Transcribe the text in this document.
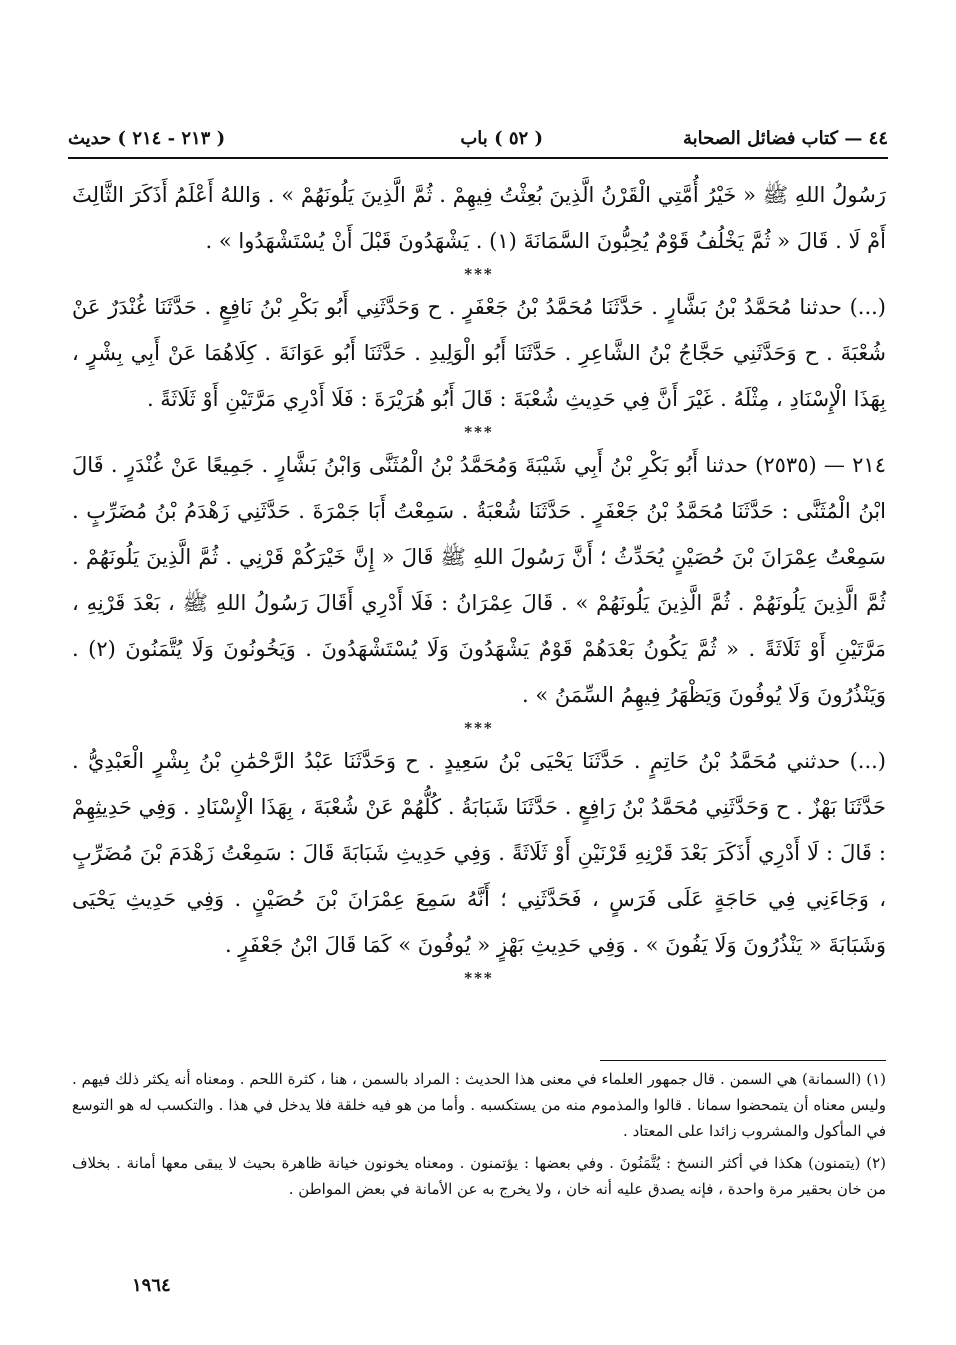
٤٤ — كتاب فضائل الصحابة
( ٥٢ ) باب
( ٢١٣ - ٢١٤ ) حديث

رَسُولُ اللهِ ﷺ « خَيْرُ أُمَّتِي الْقَرْنُ الَّذِينَ بُعِثْتُ فِيهِمْ . ثُمَّ الَّذِينَ يَلُونَهُمْ » . وَاللهُ أَعْلَمُ أَذَكَرَ الثَّالِثَ أَمْ لَا . قَالَ « ثُمَّ يَخْلُفُ قَوْمٌ يُحِبُّونَ السَّمَانَةَ (١) . يَشْهَدُونَ قَبْلَ أَنْ يُسْتَشْهَدُوا » .

***

(...) حدثنا مُحَمَّدُ بْنُ بَشَّارٍ . حَدَّثَنَا مُحَمَّدُ بْنُ جَعْفَرٍ . ح وَحَدَّثَنِي أَبُو بَكْرِ بْنُ نَافِعٍ . حَدَّثَنَا غُنْدَرٌ عَنْ شُعْبَةَ . ح وَحَدَّثَنِي حَجَّاجُ بْنُ الشَّاعِرِ . حَدَّثَنَا أَبُو الْوَلِيدِ . حَدَّثَنَا أَبُو عَوَانَةَ . كِلَاهُمَا عَنْ أَبِي بِشْرٍ ، بِهَذَا الْإِسْنَادِ ، مِثْلَهُ . غَيْرَ أَنَّ فِي حَدِيثِ شُعْبَةَ : قَالَ أَبُو هُرَيْرَةَ : فَلَا أَدْرِي مَرَّتَيْنِ أَوْ ثَلَاثَةً .

***

٢١٤ — (٢٥٣٥) حدثنا أَبُو بَكْرِ بْنُ أَبِي شَيْبَةَ وَمُحَمَّدُ بْنُ الْمُثَنَّى وَابْنُ بَشَّارٍ . جَمِيعًا عَنْ غُنْدَرٍ . قَالَ ابْنُ الْمُثَنَّى : حَدَّثَنَا مُحَمَّدُ بْنُ جَعْفَرٍ . حَدَّثَنَا شُعْبَةُ . سَمِعْتُ أَبَا جَمْرَةَ . حَدَّثَنِي زَهْدَمُ بْنُ مُضَرِّبٍ . سَمِعْتُ عِمْرَانَ بْنَ حُصَيْنٍ يُحَدِّثُ ؛ أَنَّ رَسُولَ اللهِ ﷺ قَالَ « إِنَّ خَيْرَكُمْ قَرْنِي . ثُمَّ الَّذِينَ يَلُونَهُمْ . ثُمَّ الَّذِينَ يَلُونَهُمْ . ثُمَّ الَّذِينَ يَلُونَهُمْ » . قَالَ عِمْرَانُ : فَلَا أَدْرِي أَقَالَ رَسُولُ اللهِ ﷺ ، بَعْدَ قَرْنِهِ ، مَرَّتَيْنِ أَوْ ثَلَاثَةً . « ثُمَّ يَكُونُ بَعْدَهُمْ قَوْمٌ يَشْهَدُونَ وَلَا يُسْتَشْهَدُونَ . وَيَخُونُونَ وَلَا يُتَّمَنُونَ (٢) . وَيَنْذُرُونَ وَلَا يُوفُونَ وَيَظْهَرُ فِيهِمُ السِّمَنُ » .

***

(...) حدثني مُحَمَّدُ بْنُ حَاتِمٍ . حَدَّثَنَا يَحْيَى بْنُ سَعِيدٍ . ح وَحَدَّثَنَا عَبْدُ الرَّحْمَٰنِ بْنُ بِشْرٍ الْعَبْدِيُّ . حَدَّثَنَا بَهْزٌ . ح وَحَدَّثَنِي مُحَمَّدُ بْنُ رَافِعٍ . حَدَّثَنَا شَبَابَةُ . كُلُّهُمْ عَنْ شُعْبَةَ ، بِهَذَا الْإِسْنَادِ . وَفِي حَدِيثِهِمْ : قَالَ : لَا أَدْرِي أَذَكَرَ بَعْدَ قَرْنِهِ قَرْنَيْنِ أَوْ ثَلَاثَةً . وَفِي حَدِيثِ شَبَابَةَ قَالَ : سَمِعْتُ زَهْدَمَ بْنَ مُضَرِّبٍ ، وَجَاءَنِي فِي حَاجَةٍ عَلَى فَرَسٍ ، فَحَدَّثَنِي ؛ أَنَّهُ سَمِعَ عِمْرَانَ بْنَ حُصَيْنٍ . وَفِي حَدِيثِ يَحْيَى وَشَبَابَةَ « يَنْذُرُونَ وَلَا يَفُونَ » . وَفِي حَدِيثِ بَهْزٍ « يُوفُونَ » كَمَا قَالَ ابْنُ جَعْفَرٍ .

***

(١) (السمانة) هي السمن . قال جمهور العلماء في معنى هذا الحديث : المراد بالسمن ، هنا ، كثرة اللحم . ومعناه أنه يكثر ذلك فيهم . وليس معناه أن يتمحضوا سمانا . قالوا والمذموم منه من يستكسبه . وأما من هو فيه خلقة فلا يدخل في هذا . والتكسب له هو التوسع في المأكول والمشروب زائدا على المعتاد .

(٢) (يتمنون) هكذا في أكثر النسخ : يُتَّمَنُونَ . وفي بعضها : يؤتمنون . ومعناه يخونون خيانة ظاهرة بحيث لا يبقى معها أمانة . بخلاف من خان بحقير مرة واحدة ، فإنه يصدق عليه أنه خان ، ولا يخرج به عن الأمانة في بعض المواطن .

١٩٦٤
